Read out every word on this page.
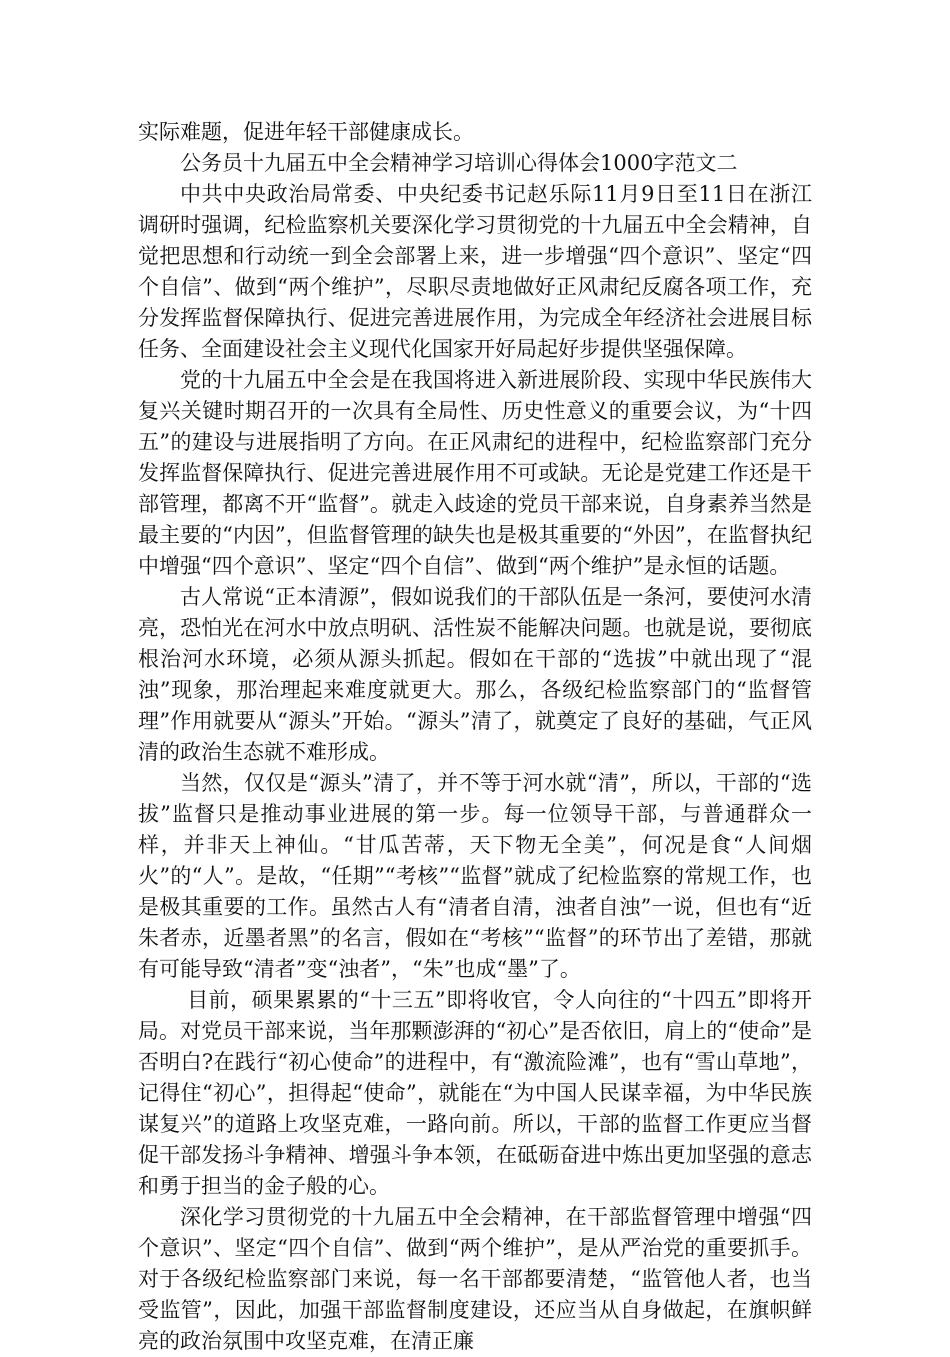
实际难题，促进年轻干部健康成长。

公务员十九届五中全会精神学习培训心得体会1000字范文二

中共中央政治局常委、中央纪委书记赵乐际11月9日至11日在浙江调研时强调，纪检监察机关要深化学习贯彻党的十九届五中全会精神，自觉把思想和行动统一到全会部署上来，进一步增强“四个意识”、坚定“四个自信”、做到“两个维护”，尽职尽责地做好正风肃纪反腐各项工作，充分发挥监督保障执行、促进完善进展作用，为完成全年经济社会进展目标任务、全面建设社会主义现代化国家开好局起好步提供坚强保障。

党的十九届五中全会是在我国将进入新进展阶段、实现中华民族伟大复兴关键时期召开的一次具有全局性、历史性意义的重要会议，为“十四五”的建设与进展指明了方向。在正风肃纪的进程中，纪检监察部门充分发挥监督保障执行、促进完善进展作用不可或缺。无论是党建工作还是干部管理，都离不开“监督”。就走入歧途的党员干部来说，自身素养当然是最主要的“内因”，但监督管理的缺失也是极其重要的“外因”，在监督执纪中增强“四个意识”、坚定“四个自信”、做到“两个维护”是永恒的话题。

古人常说“正本清源”，假如说我们的干部队伍是一条河，要使河水清亮，恐怕光在河水中放点明矾、活性炭不能解决问题。也就是说，要彻底根治河水环境，必须从源头抓起。假如在干部的“选拔”中就出现了“混浊”现象，那治理起来难度就更大。那么，各级纪检监察部门的“监督管理”作用就要从“源头”开始。“源头”清了，就奠定了良好的基础，气正风清的政治生态就不难形成。

当然，仅仅是“源头”清了，并不等于河水就“清”，所以，干部的“选拔”监督只是推动事业进展的第一步。每一位领导干部，与普通群众一样，并非天上神仙。“甘瓜苦蒂，天下物无全美”，何况是食“人间烟火”的“人”。是故，“任期”“考核”“监督”就成了纪检监察的常规工作，也是极其重要的工作。虽然古人有“清者自清，浊者自浊”一说，但也有“近朱者赤，近墨者黑”的名言，假如在“考核”“监督”的环节出了差错，那就有可能导致“清者”变“浊者”，“朱”也成“墨”了。

目前，硕果累累的“十三五”即将收官，令人向往的“十四五”即将开局。对党员干部来说，当年那颗澎湃的“初心”是否依旧，肩上的“使命”是否明白?在践行“初心使命”的进程中，有“激流险滩”，也有“雪山草地”，记得住“初心”，担得起“使命”，就能在“为中国人民谋幸福，为中华民族谋复兴”的道路上攻坚克难，一路向前。所以，干部的监督工作更应当督促干部发扬斗争精神、增强斗争本领，在砥砺奋进中炼出更加坚强的意志和勇于担当的金子般的心。

深化学习贯彻党的十九届五中全会精神，在干部监督管理中增强“四个意识”、坚定“四个自信”、做到“两个维护”，是从严治党的重要抓手。对于各级纪检监察部门来说，每一名干部都要清楚，“监管他人者，也当受监管”，因此，加强干部监督制度建设，还应当从自身做起，在旗帜鲜亮的政治氛围中攻坚克难，在清正廉
